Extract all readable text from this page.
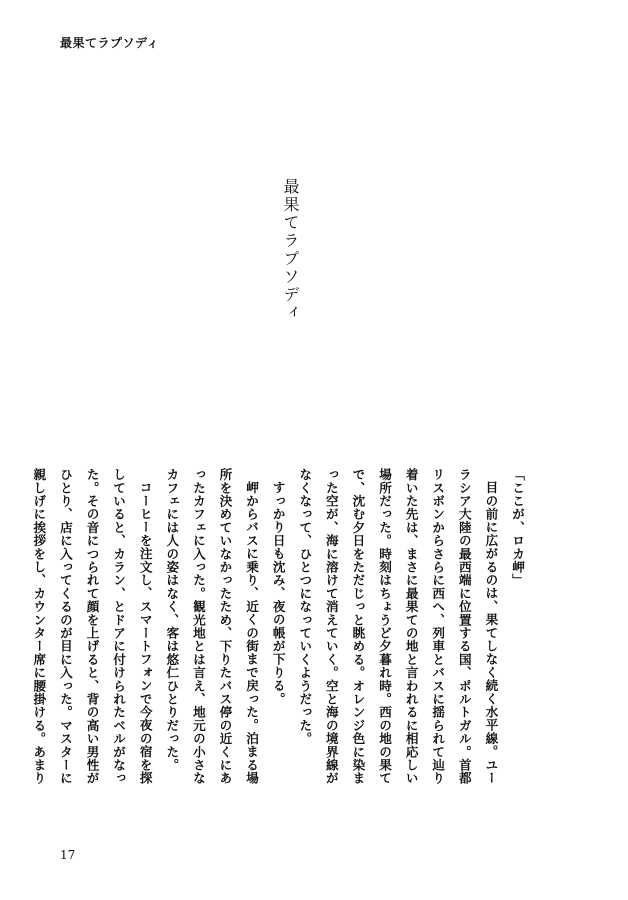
最果てラプソディ
最果てラプソディ
「ここが、ロカ岬」
目の前に広がるのは、果てしなく続く水平線。ユー
ラシア大陸の最西端に位置する国、ポルトガル。首都
リスボンからさらに西へ、列車とバスに揺られて辿り
着いた先は、まさに最果ての地と言われるに相応しい
場所だった。時刻はちょうど夕暮れ時。西の地の果て
で、沈む夕日をただじっと眺める。オレンジ色に染ま
った空が、海に溶けて消えていく。空と海の境界線が
なくなって、ひとつになっていくようだった。
すっかり日も沈み、夜の帳が下りる。
岬からバスに乗り、近くの街まで戻った。泊まる場
所を決めていなかったため、下りたバス停の近くにあ
ったカフェに入った。観光地とは言え、地元の小さな
カフェには人の姿はなく、客は悠仁ひとりだった。
コーヒーを注文し、スマートフォンで今夜の宿を探
していると、カラン、とドアに付けられたベルがなっ
た。その音につられて顔を上げると、背の高い男性が
ひとり、店に入ってくるのが目に入った。マスターに
親しげに挨拶をし、カウンター席に腰掛ける。あまり
17
